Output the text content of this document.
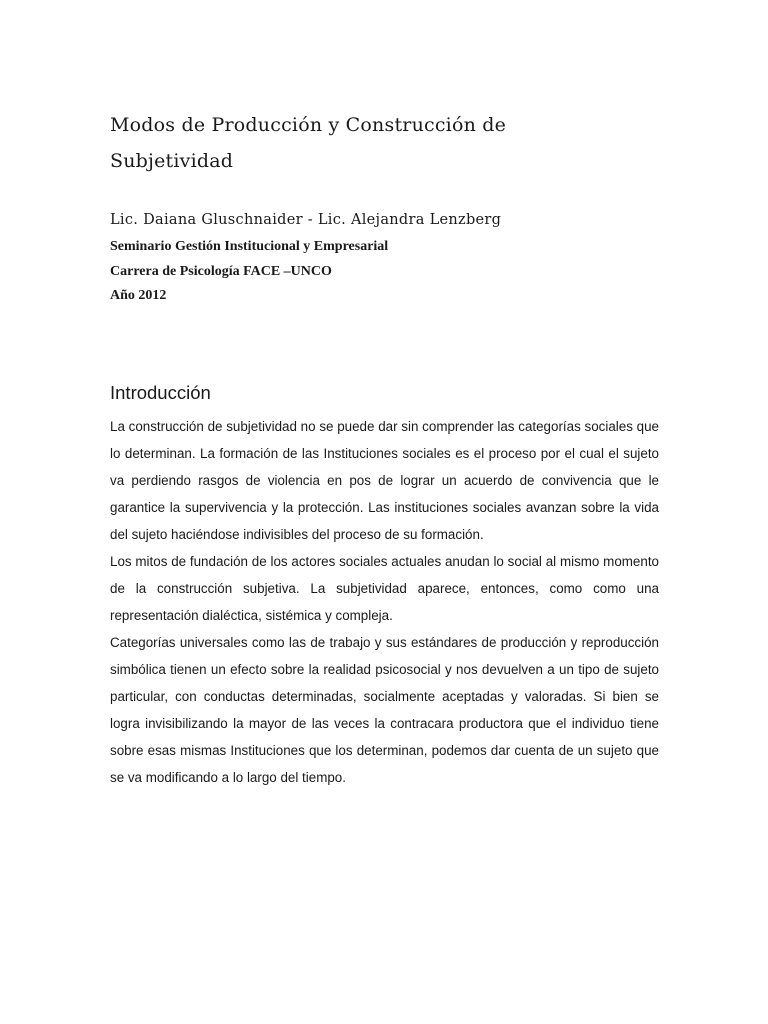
Modos de Producción y Construcción de
Subjetividad
Lic. Daiana Gluschnaider - Lic. Alejandra Lenzberg
Seminario Gestión Institucional y Empresarial
Carrera de Psicología FACE –UNCO
Año 2012
Introducción

La construcción de subjetividad no se puede dar sin comprender las categorías sociales que lo determinan. La formación de las Instituciones sociales es el proceso por el cual el sujeto va perdiendo rasgos de violencia en pos de lograr un acuerdo de convivencia que le garantice la supervivencia y la protección. Las instituciones sociales avanzan sobre la vida del sujeto haciéndose indivisibles del proceso de su formación.

Los mitos de fundación de los actores sociales actuales anudan lo social al mismo momento de la construcción subjetiva. La subjetividad aparece, entonces, como como una representación dialéctica, sistémica y compleja.

Categorías universales como las de trabajo y sus estándares de producción y reproducción simbólica tienen un efecto sobre la realidad psicosocial y nos devuelven a un tipo de sujeto particular, con conductas determinadas, socialmente aceptadas y valoradas. Si bien se logra invisibilizando la mayor de las veces la contracara productora que el individuo tiene sobre esas mismas Instituciones que los determinan, podemos dar cuenta de un sujeto que se va modificando a lo largo del tiempo.
